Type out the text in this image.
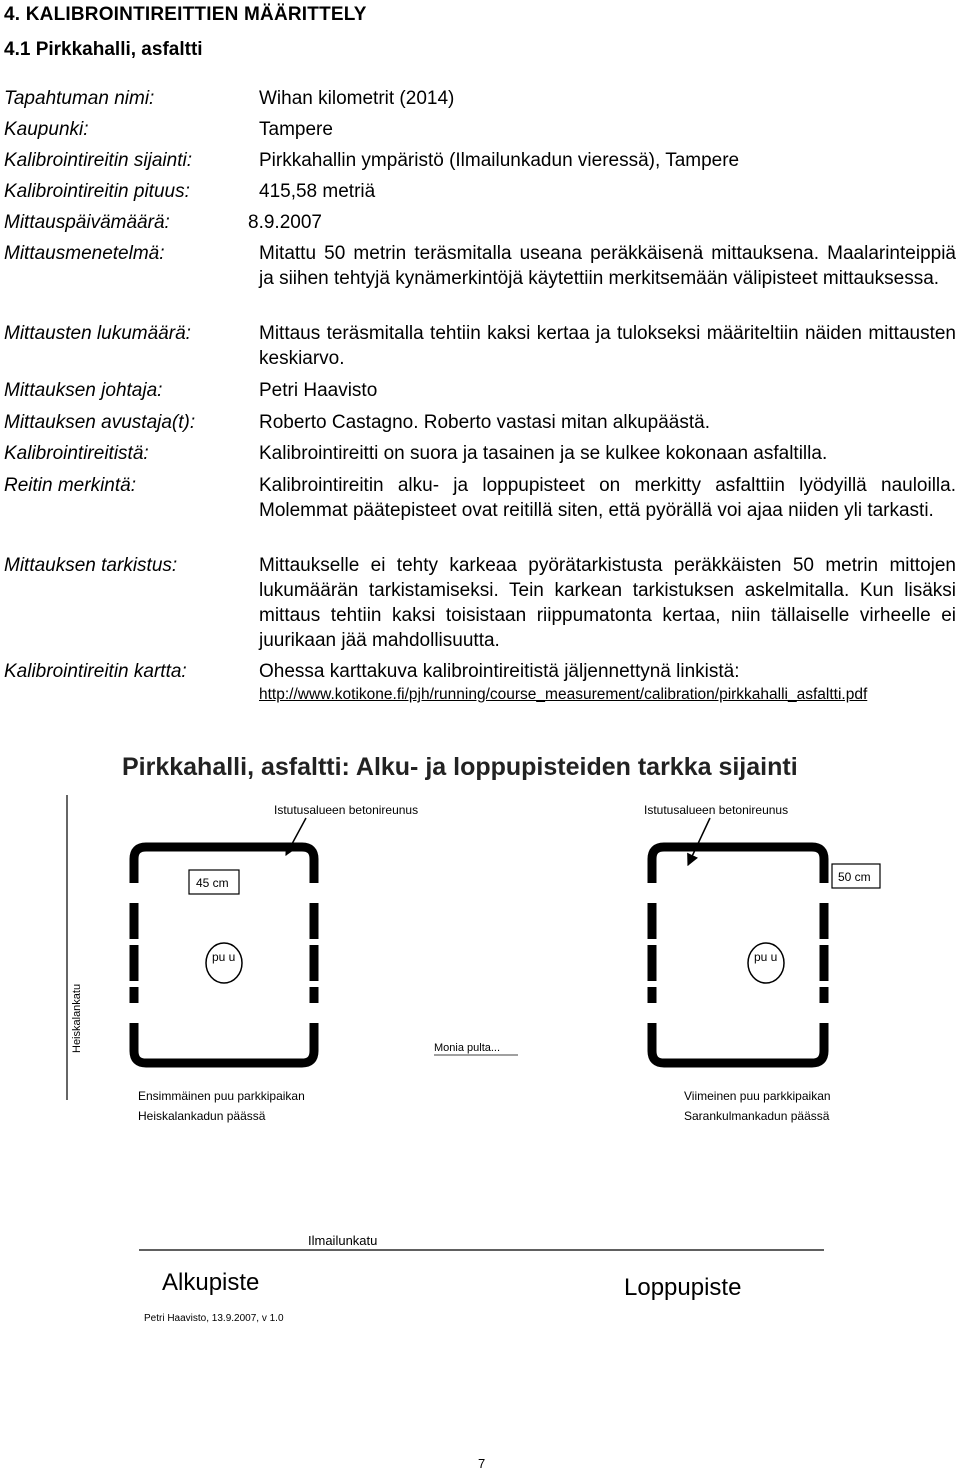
4. KALIBROINTIREITTIEN MÄÄRITTELY
4.1 Pirkkahalli, asfaltti
Tapahtuman nimi:	Wihan kilometrit (2014)
Kaupunki:	Tampere
Kalibrointireitin sijainti:	Pirkkahallin ympäristö (Ilmailunkadun vieressä), Tampere
Kalibrointireitin pituus:	415,58 metriä
Mittauspäivämäärä:	8.9.2007
Mittausmenetelmä:	Mitattu 50 metrin teräsmitalla useana peräkkäisenä mittauksena. Maalarinteippiä ja siihen tehtyjä kynämerkintöjä käytettiin merkitsemään välipisteet mittauksessa.
Mittausten lukumäärä:	Mittaus teräsmitalla tehtiin kaksi kertaa ja tulokseksi määriteltiin näiden mittausten keskiarvo.
Mittauksen johtaja:	Petri Haavisto
Mittauksen avustaja(t):	Roberto Castagno. Roberto vastasi mitan alkupäästä.
Kalibrointireitistä:	Kalibrointireitti on suora ja tasainen ja se kulkee kokonaan asfaltilla.
Reitin merkintä:	Kalibrointireitin alku- ja loppupisteet on merkitty asfalttiin lyödyillä nauloilla. Molemmat päätepisteet ovat reitillä siten, että pyörällä voi ajaa niiden yli tarkasti.
Mittauksen tarkistus:	Mittaukselle ei tehty karkeaa pyörätarkistusta peräkkäisten 50 metrin mittojen lukumäärän tarkistamiseksi. Tein karkean tarkistuksen askelmitalla. Kun lisäksi mittaus tehtiin kaksi toisistaan riippumatonta kertaa, niin tällaiselle virheelle ei juurikaan jää mahdollisuutta.
Kalibrointireitin kartta:	Ohessa karttakuva kalibrointireitistä jäljennettynä linkistä:
http://www.kotikone.fi/pjh/running/course_measurement/calibration/pirkkahalli_asfaltti.pdf
Pirkkahalli, asfaltti: Alku- ja loppupisteiden tarkka sijainti
pu u	pu u
Istutusalueen betonireunus	Istutusalueen betonireunus
45 cm	50 cm
Heiskalankatu	Monia pulta...
Ensimmäinen puu parkkipaikan
Heiskalankadun päässä
Viimeinen puu parkkipaikan
Sarankulmankadun päässä
Ilmailunkatu
Alkupiste	Loppupiste
Petri Haavisto, 13.9.2007, v 1.0
7
